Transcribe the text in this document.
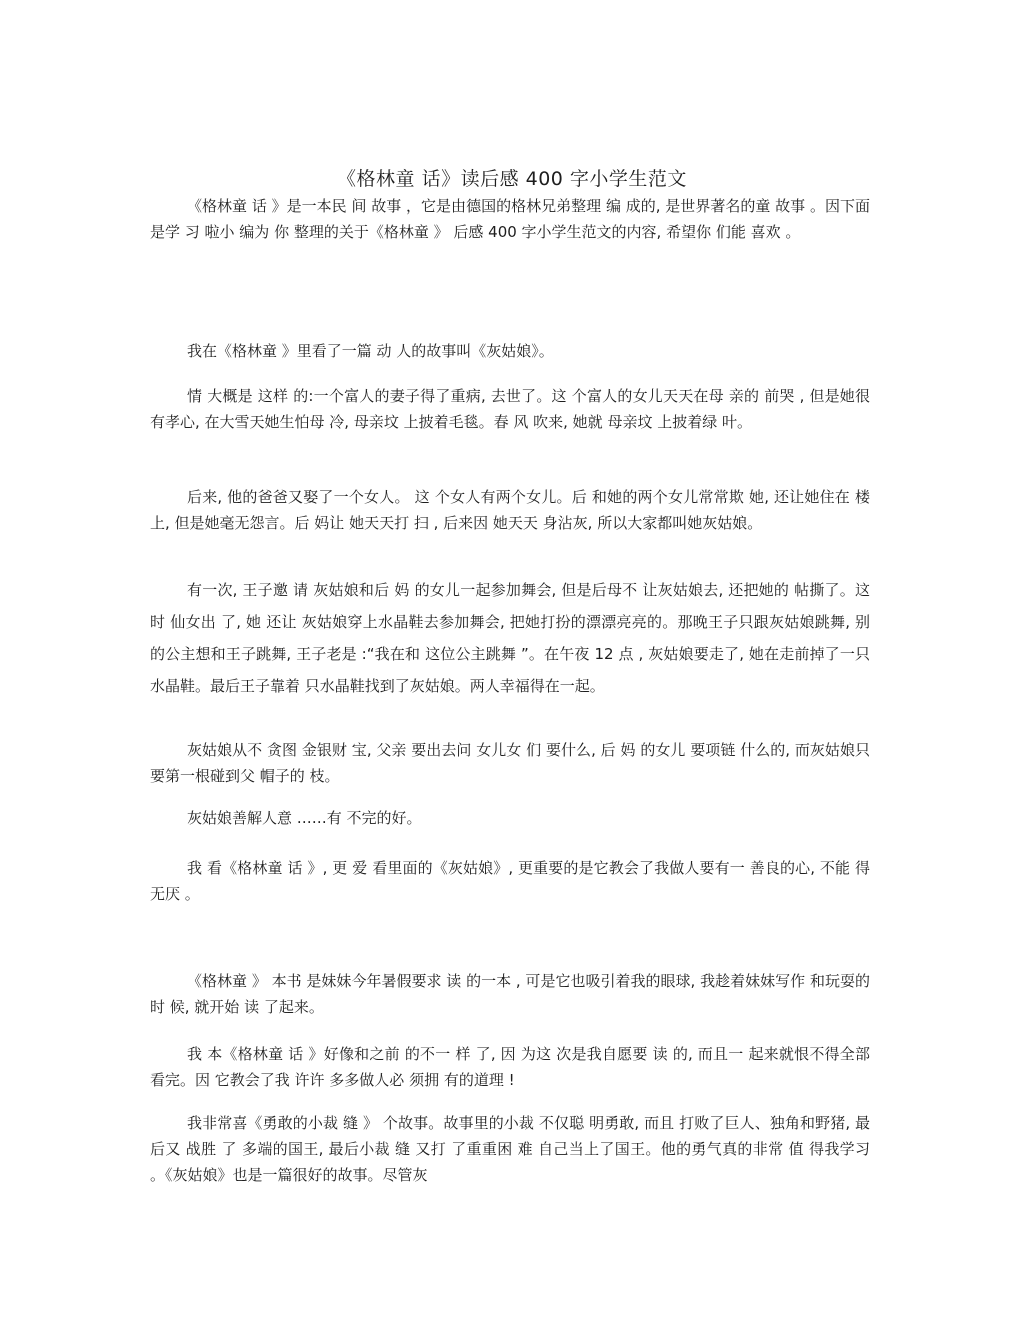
《格林童 话》读后感 400 字小学生范文

《格林童 话 》是一本民 间 故事 ，它是由德国的格林兄弟整理 编 成的, 是世界著名的童 故事 。因下面是学 习 啦小 编为 你 整理的关于《格林童 》 后感 400 字小学生范文的内容, 希望你 们能 喜欢 。

我在《格林童 》里看了一篇 动 人的故事叫《灰姑娘》。

情 大概是 这样 的:一个富人的妻子得了重病, 去世了。这 个富人的女儿天天在母 亲的 前哭 , 但是她很有孝心, 在大雪天她生怕母 冷, 母亲坟 上披着毛毯。春 风 吹来, 她就 母亲坟 上披着绿 叶。

后来, 他的爸爸又娶了一个女人。 这 个女人有两个女儿。后 和她的两个女儿常常欺 她, 还让她住在 楼上, 但是她毫无怨言。后 妈让 她天天打 扫 , 后来因 她天天 身沾灰, 所以大家都叫她灰姑娘。

有一次, 王子邀 请 灰姑娘和后 妈 的女儿一起参加舞会, 但是后母不 让灰姑娘去, 还把她的 帖撕了。这时 仙女出 了, 她 还让 灰姑娘穿上水晶鞋去参加舞会, 把她打扮的漂漂亮亮的。那晚王子只跟灰姑娘跳舞, 别的公主想和王子跳舞, 王子老是 :“我在和 这位公主跳舞 ”。在午夜 12 点 , 灰姑娘要走了, 她在走前掉了一只水晶鞋。最后王子靠着 只水晶鞋找到了灰姑娘。两人幸福得在一起。

灰姑娘从不 贪图 金银财 宝, 父亲 要出去问 女儿女 们 要什么, 后 妈 的女儿 要项链 什么的, 而灰姑娘只要第一根碰到父 帽子的 枝。

灰姑娘善解人意 ……有 不完的好。

我 看《格林童 话 》, 更 爱 看里面的《灰姑娘》, 更重要的是它教会了我做人要有一 善良的心, 不能 得无厌 。

《格林童 》 本书 是妹妹今年暑假要求 读 的一本 , 可是它也吸引着我的眼球, 我趁着妹妹写作 和玩耍的 时 候, 就开始 读 了起来。

我 本《格林童 话 》好像和之前 的不一 样 了, 因 为这 次是我自愿要 读 的, 而且一 起来就恨不得全部看完。因 它教会了我 许许 多多做人必 须拥 有的道理 !

我非常喜《勇敢的小裁 缝 》 个故事。故事里的小裁 不仅聪 明勇敢, 而且 打败了巨人、独角和野猪, 最后又 战胜 了 多端的国王, 最后小裁 缝 又打 了重重困 难 自己当上了国王。他的勇气真的非常 值 得我学习 。《灰姑娘》也是一篇很好的故事。尽管灰
